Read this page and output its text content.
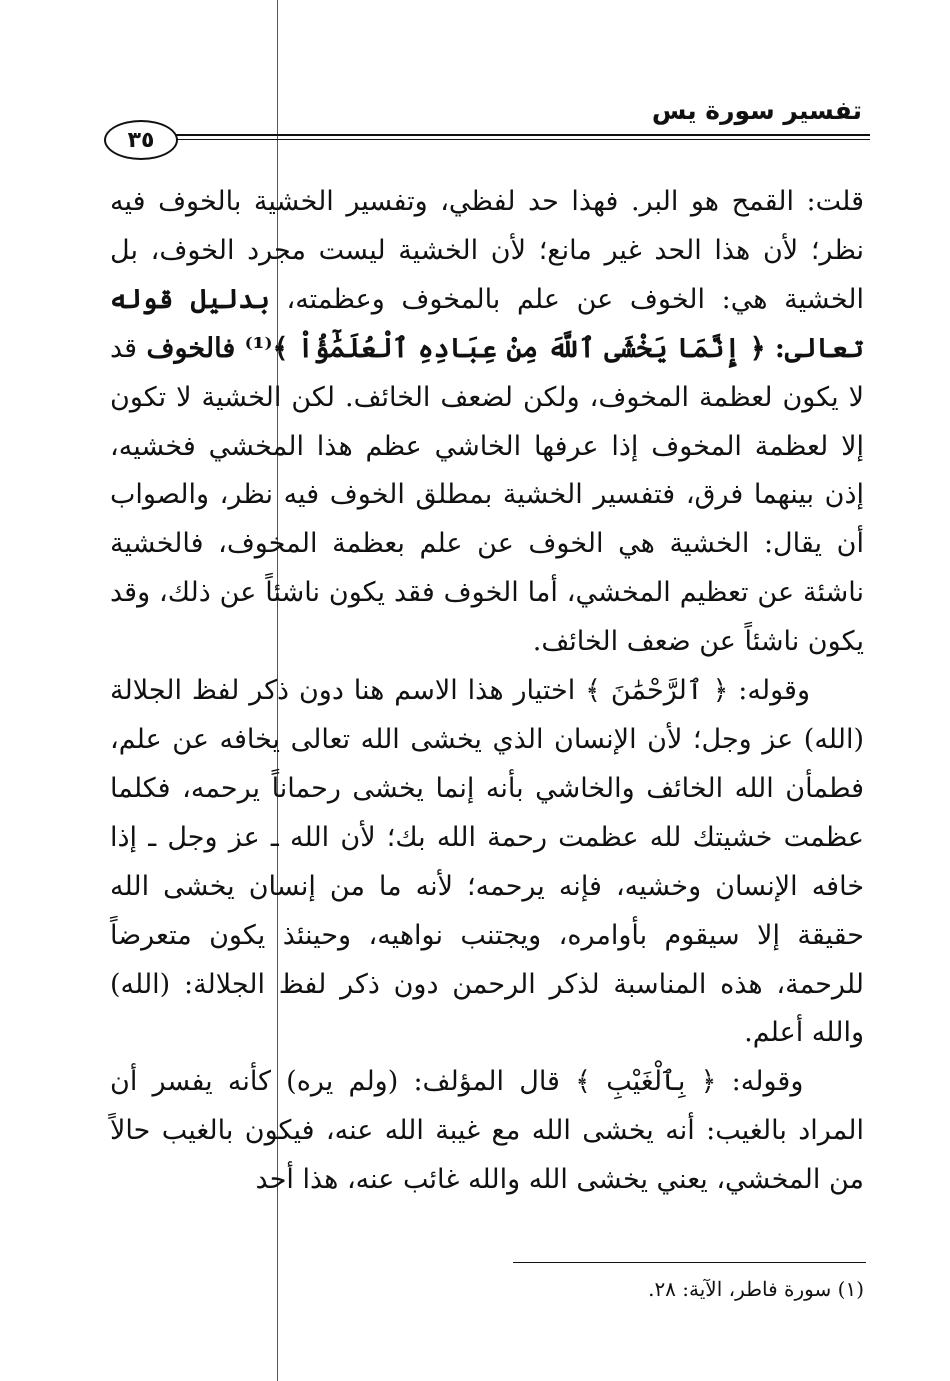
تفسير سورة يس
٣٥

قلت: القمح هو البر. فهذا حد لفظي، وتفسير الخشية بالخوف فيه نظر؛ لأن هذا الحد غير مانع؛ لأن الخشية ليست مجرد الخوف، بل الخشية هي: الخوف عن علم بالمخوف وعظمته، بدليل قوله تعالى: ﴿ إِنَّمَا يَخْشَى ٱللَّهَ مِنْ عِبَادِهِ ٱلْعُلَمَٰٓؤُاْ ﴾⁽¹⁾ فالخوف قد لا يكون لعظمة المخوف، ولكن لضعف الخائف. لكن الخشية لا تكون إلا لعظمة المخوف إذا عرفها الخاشي عظم هذا المخشي فخشيه، إذن بينهما فرق، فتفسير الخشية بمطلق الخوف فيه نظر، والصواب أن يقال: الخشية هي الخوف عن علم بعظمة المخوف، فالخشية ناشئة عن تعظيم المخشي، أما الخوف فقد يكون ناشئاً عن ذلك، وقد يكون ناشئاً عن ضعف الخائف.

وقوله: ﴿ ٱلرَّحْمَٰنَ ﴾ اختيار هذا الاسم هنا دون ذكر لفظ الجلالة (الله) عز وجل؛ لأن الإنسان الذي يخشى الله تعالى يخافه عن علم، فطمأن الله الخائف والخاشي بأنه إنما يخشى رحماناً يرحمه، فكلما عظمت خشيتك لله عظمت رحمة الله بك؛ لأن الله ـ عز وجل ـ إذا خافه الإنسان وخشيه، فإنه يرحمه؛ لأنه ما من إنسان يخشى الله حقيقة إلا سيقوم بأوامره، ويجتنب نواهيه، وحينئذ يكون متعرضاً للرحمة، هذه المناسبة لذكر الرحمن دون ذكر لفظ الجلالة: (الله) والله أعلم.

وقوله: ﴿ بِٱلْغَيْبِ ﴾ قال المؤلف: (ولم يره) كأنه يفسر أن المراد بالغيب: أنه يخشى الله مع غيبة الله عنه، فيكون بالغيب حالاً من المخشي، يعني يخشى الله والله غائب عنه، هذا أحد

(١) سورة فاطر، الآية: ٢٨.
